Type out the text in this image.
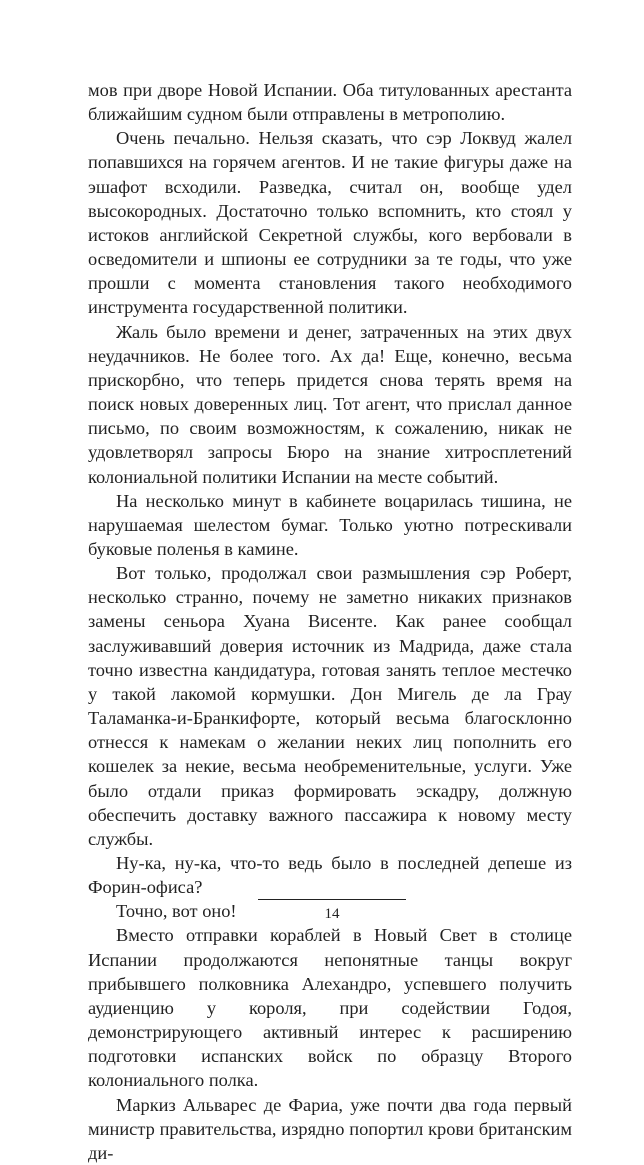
мов при дворе Новой Испании. Оба титулованных арестанта ближайшим судном были отправлены в метрополию.

Очень печально. Нельзя сказать, что сэр Локвуд жалел попавшихся на горячем агентов. И не такие фигуры даже на эшафот всходили. Разведка, считал он, вообще удел высокородных. Достаточно только вспомнить, кто стоял у истоков английской Секретной службы, кого вербовали в осведомители и шпионы ее сотрудники за те годы, что уже прошли с момента становления такого необходимого инструмента государственной политики.

Жаль было времени и денег, затраченных на этих двух неудачников. Не более того. Ах да! Еще, конечно, весьма прискорбно, что теперь придется снова терять время на поиск новых доверенных лиц. Тот агент, что прислал данное письмо, по своим возможностям, к сожалению, никак не удовлетворял запросы Бюро на знание хитросплетений колониальной политики Испании на месте событий.

На несколько минут в кабинете воцарилась тишина, не нарушаемая шелестом бумаг. Только уютно потрескивали буковые поленья в камине.

Вот только, продолжал свои размышления сэр Роберт, несколько странно, почему не заметно никаких признаков замены сеньора Хуана Висенте. Как ранее сообщал заслуживавший доверия источник из Мадрида, даже стала точно известна кандидатура, готовая занять теплое местечко у такой лакомой кормушки. Дон Мигель де ла Грау Таламанка-и-Бранкифорте, который весьма благосклонно отнесся к намекам о желании неких лиц пополнить его кошелек за некие, весьма необременительные, услуги. Уже было отдали приказ формировать эскадру, должную обеспечить доставку важного пассажира к новому месту службы.

Ну-ка, ну-ка, что-то ведь было в последней депеше из Форин-офиса?

Точно, вот оно!

Вместо отправки кораблей в Новый Свет в столице Испании продолжаются непонятные танцы вокруг прибывшего полковника Алехандро, успевшего получить аудиенцию у короля, при содействии Годоя, демонстрирующего активный интерес к расширению подготовки испанских войск по образцу Второго колониального полка.

Маркиз Альварес де Фариа, уже почти два года первый министр правительства, изрядно попортил крови британским ди-

14
